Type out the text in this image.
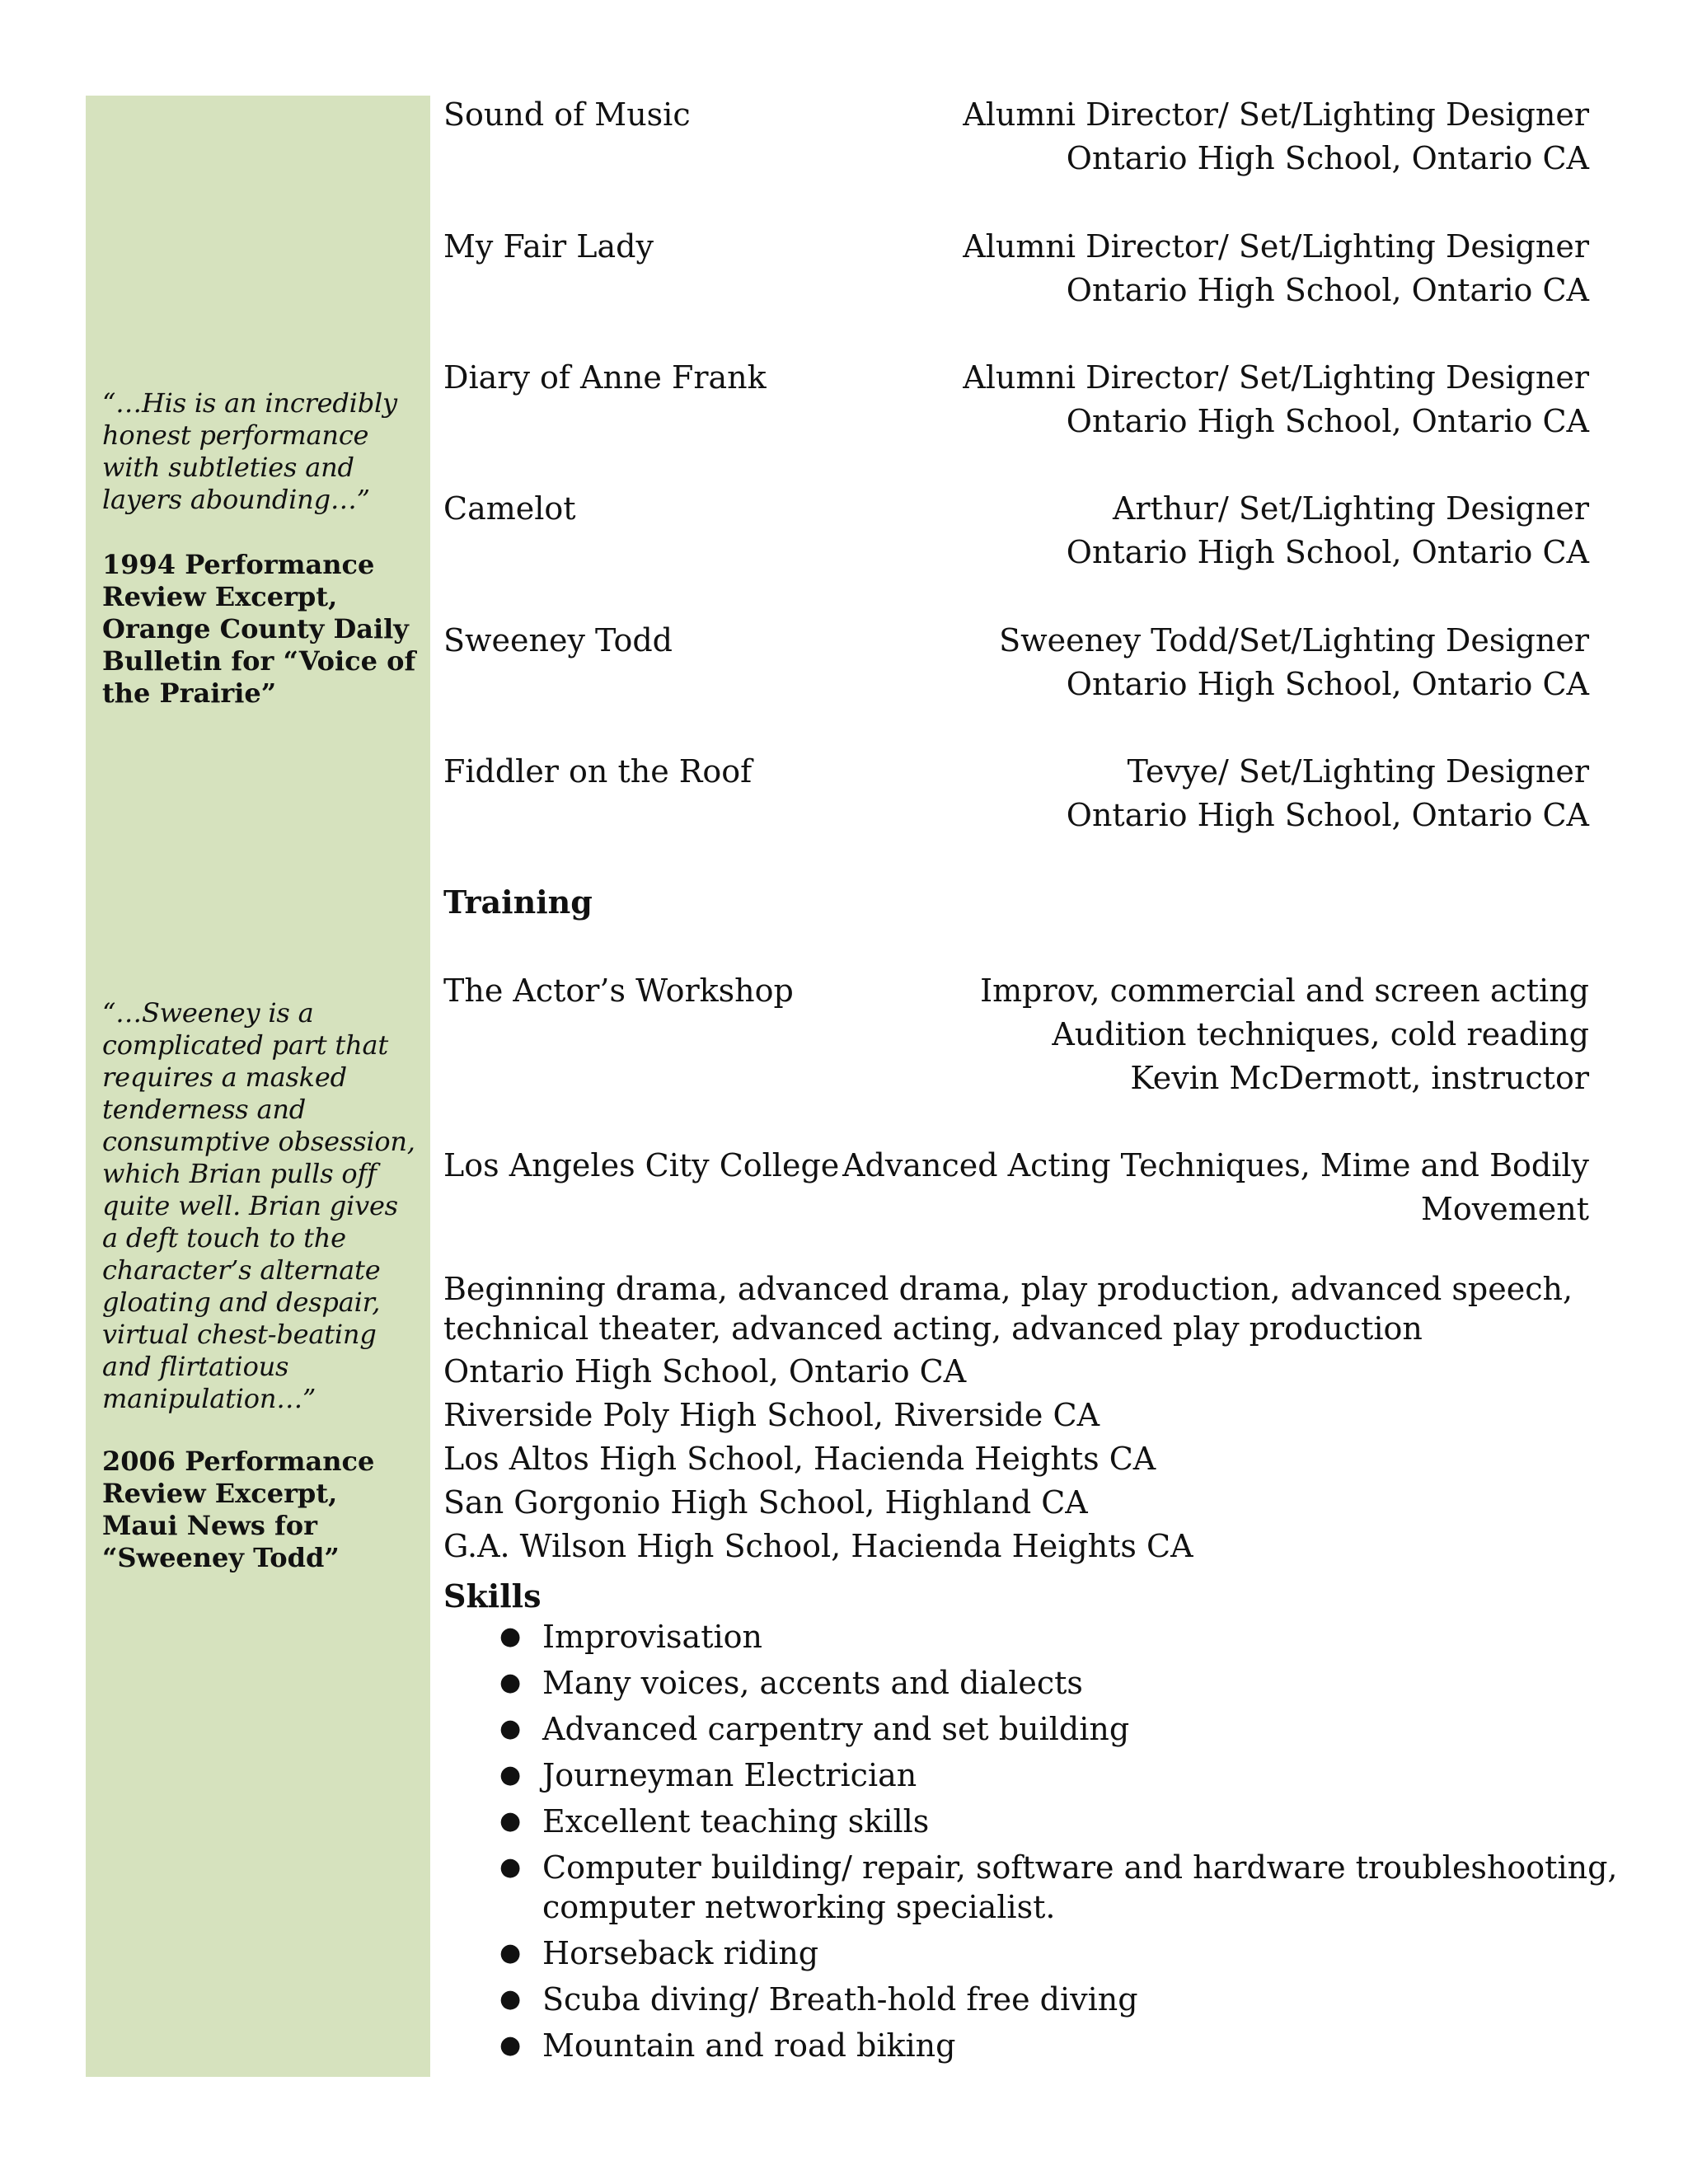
“…His is an incredibly
honest performance
with subtleties and
layers abounding…”
1994 Performance
Review Excerpt,
Orange County Daily
Bulletin for “Voice of
the Prairie”
“…Sweeney is a
complicated part that
requires a masked
tenderness and
consumptive obsession,
which Brian pulls off
quite well. Brian gives
a deft touch to the
character’s alternate
gloating and despair,
virtual chest-beating
and flirtatious
manipulation…”
2006 Performance
Review Excerpt,
Maui News for
“Sweeney Todd”
Sound of Music	Alumni Director/ Set/Lighting Designer
Ontario High School, Ontario CA
My Fair Lady	Alumni Director/ Set/Lighting Designer
Ontario High School, Ontario CA
Diary of Anne Frank	Alumni Director/ Set/Lighting Designer
Ontario High School, Ontario CA
Camelot	Arthur/ Set/Lighting Designer
Ontario High School, Ontario CA
Sweeney Todd	Sweeney Todd/Set/Lighting Designer
Ontario High School, Ontario CA
Fiddler on the Roof	Tevye/ Set/Lighting Designer
Ontario High School, Ontario CA
Training
The Actor’s Workshop	Improv, commercial and screen acting
Audition techniques, cold reading
Kevin McDermott, instructor
Los Angeles City College Advanced Acting Techniques, Mime and Bodily
Movement
Beginning drama, advanced drama, play production, advanced speech, technical theater, advanced acting, advanced play production
Ontario High School, Ontario CA
Riverside Poly High School, Riverside CA
Los Altos High School, Hacienda Heights CA
San Gorgonio High School, Highland CA
G.A. Wilson High School, Hacienda Heights CA
Skills
● Improvisation
● Many voices, accents and dialects
● Advanced carpentry and set building
● Journeyman Electrician
● Excellent teaching skills
● Computer building/ repair, software and hardware troubleshooting, computer networking specialist.
● Horseback riding
● Scuba diving/ Breath-hold free diving
● Mountain and road biking
